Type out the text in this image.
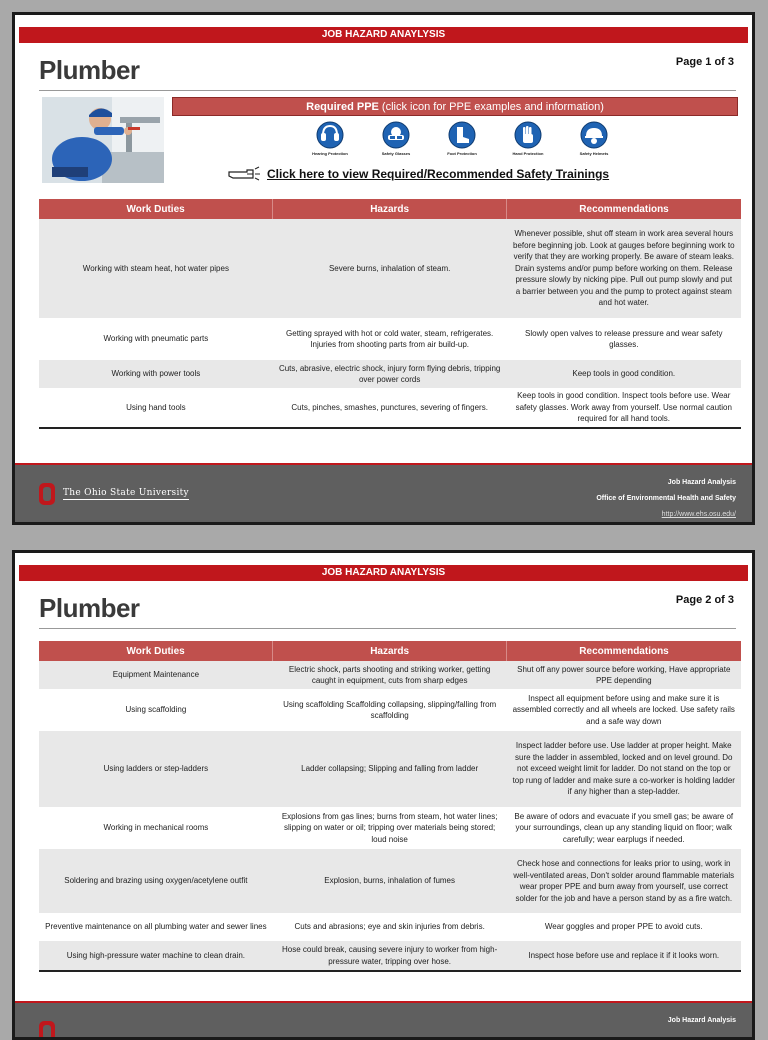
JOB HAZARD ANAYLYSIS
Plumber	Page 1 of 3
Required PPE (click icon for PPE examples and information)
Hearing Protection	Safety Glasses	Foot Protection	Hand Protection	Safety Helmets
Click here to view Required/Recommended Safety Trainings
Work Duties	Hazards	Recommendations
Working with steam heat, hot water pipes	Severe burns, inhalation of steam.	Whenever possible, shut off steam in work area several hours before beginning job. Look at gauges before beginning work to verify that they are working properly. Be aware of steam leaks. Drain systems and/or pump before working on them. Release pressure slowly by nicking pipe. Pull out pump slowly and put a barrier between you and the pump to protect against steam and hot water.
Working with pneumatic parts	Getting sprayed with hot or cold water, steam, refrigerates. Injuries from shooting parts from air build-up.	Slowly open valves to release pressure and wear safety glasses.
Working with power tools	Cuts, abrasive, electric shock, injury form flying debris, tripping over power cords	Keep tools in good condition.
Using hand tools	Cuts, pinches, smashes, punctures, severing of fingers.	Keep tools in good condition. Inspect tools before use. Wear safety glasses. Work away from yourself. Use normal caution required for all hand tools.
The Ohio State University
Job Hazard Analysis
Office of Environmental Health and Safety
http://www.ehs.osu.edu/
JOB HAZARD ANAYLYSIS
Plumber	Page 2 of 3
Work Duties	Hazards	Recommendations
Equipment Maintenance	Electric shock, parts shooting and striking worker, getting caught in equipment, cuts from sharp edges	Shut off any power source before working, Have appropriate PPE depending
Using scaffolding	Using scaffolding Scaffolding collapsing, slipping/falling from scaffolding	Inspect all equipment before using and make sure it is assembled correctly and all wheels are locked. Use safety rails and a safe way down
Using ladders or step-ladders	Ladder collapsing; Slipping and falling from ladder	Inspect ladder before use. Use ladder at proper height. Make sure the ladder in assembled, locked and on level ground. Do not exceed weight limit for ladder. Do not stand on the top or top rung of ladder and make sure a co-worker is holding ladder if any higher than a step-ladder.
Working in mechanical rooms	Explosions from gas lines; burns from steam, hot water lines; slipping on water or oil; tripping over materials being stored; loud noise	Be aware of odors and evacuate if you smell gas; be aware of your surroundings, clean up any standing liquid on floor; walk carefully; wear earplugs if needed.
Soldering and brazing using oxygen/acetylene outfit	Explosion, burns, inhalation of fumes	Check hose and connections for leaks prior to using, work in well-ventilated areas, Don't solder around flammable materials wear proper PPE and burn away from yourself, use correct solder for the job and have a person stand by as a fire watch.
Preventive maintenance on all plumbing water and sewer lines	Cuts and abrasions; eye and skin injuries from debris.	Wear goggles and proper PPE to avoid cuts.
Using high-pressure water machine to clean drain.	Hose could break, causing severe injury to worker from high-pressure water, tripping over hose.	Inspect hose before use and replace it if it looks worn.
Job Hazard Analysis
